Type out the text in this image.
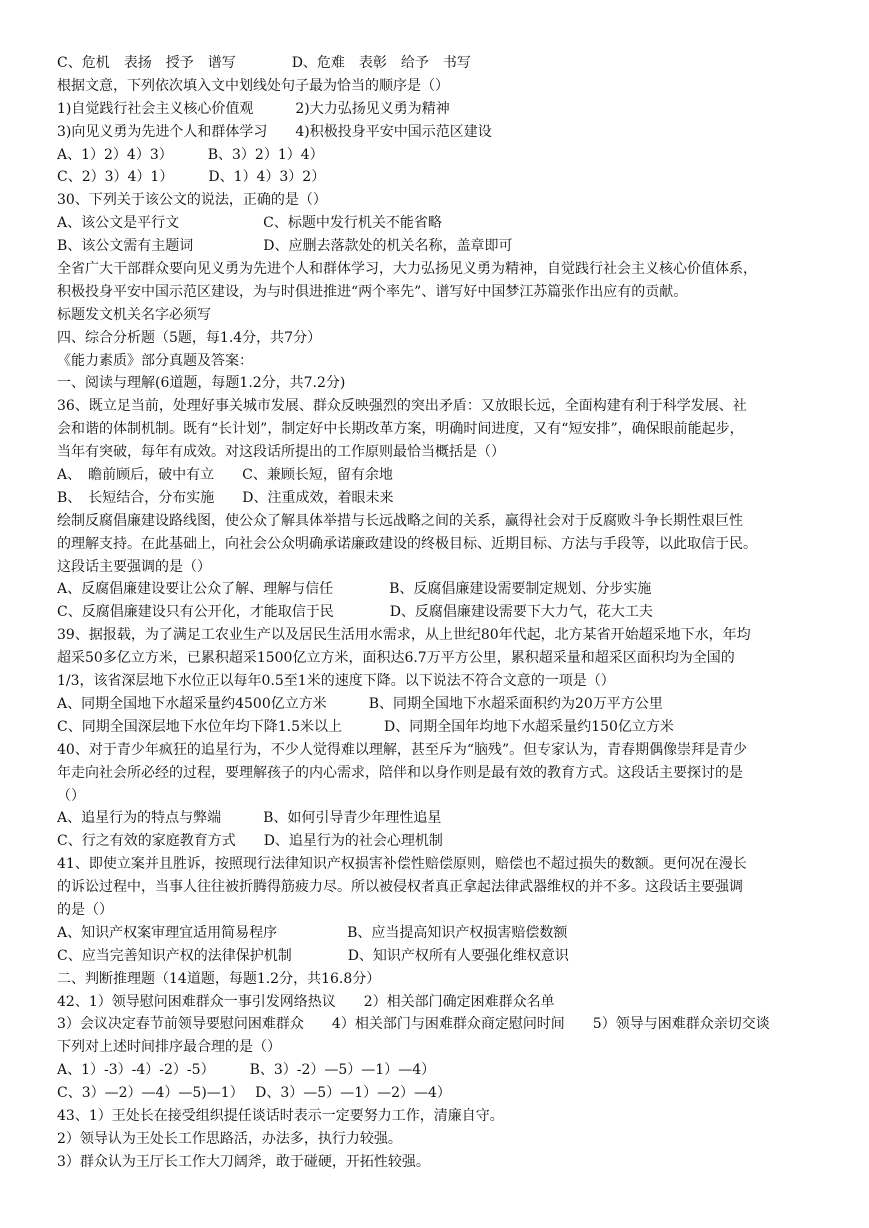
C、危机　表扬　授予　谱写　　　　D、危难　表彰　给予　书写
根据文意，下列依次填入文中划线处句子最为恰当的顺序是（）
1)自觉践行社会主义核心价值观　　　2)大力弘扬见义勇为精神
3)向见义勇为先进个人和群体学习　　4)积极投身平安中国示范区建设
A、1）2）4）3）　　　B、3）2）1）4）
C、2）3）4）1）　　　D、1）4）3）2）
30、下列关于该公文的说法，正确的是（）
A、该公文是平行文　　　　　　C、标题中发行机关不能省略
B、该公文需有主题词　　　　　D、应删去落款处的机关名称，盖章即可
全省广大干部群众要向见义勇为先进个人和群体学习，大力弘扬见义勇为精神，自觉践行社会主义核心价值体系，
积极投身平安中国示范区建设，为与时俱进推进“两个率先”、谱写好中国梦江苏篇张作出应有的贡献。
标题发文机关名字必须写
四、综合分析题（5题，每1.4分，共7分）
《能力素质》部分真题及答案：
一、阅读与理解(6道题，每题1.2分，共7.2分)
36、既立足当前，处理好事关城市发展、群众反映强烈的突出矛盾：又放眼长远，全面构建有利于科学发展、社
会和谐的体制机制。既有“长计划”，制定好中长期改革方案，明确时间进度，又有“短安排”，确保眼前能起步，
当年有突破，每年有成效。对这段话所提出的工作原则最恰当概括是（）
A、　瞻前顾后，破中有立　　C、兼顾长短，留有余地
B、　长短结合，分布实施　　D、注重成效，着眼未来
绘制反腐倡廉建设路线图，使公众了解具体举措与长远战略之间的关系，赢得社会对于反腐败斗争长期性艰巨性
的理解支持。在此基础上，向社会公众明确承诺廉政建设的终极目标、近期目标、方法与手段等，以此取信于民。
这段话主要强调的是（）
A、反腐倡廉建设要让公众了解、理解与信任　　　　B、反腐倡廉建设需要制定规划、分步实施
C、反腐倡廉建设只有公开化，才能取信于民　　　　D、反腐倡廉建设需要下大力气，花大工夫
39、据报载，为了满足工农业生产以及居民生活用水需求，从上世纪80年代起，北方某省开始超采地下水，年均
超采50多亿立方米，已累积超采1500亿立方米，面积达6.7万平方公里，累积超采量和超采区面积均为全国的
1/3，该省深层地下水位正以每年0.5至1米的速度下降。以下说法不符合文意的一项是（）
A、同期全国地下水超采量约4500亿立方米　　　B、同期全国地下水超采面积约为20万平方公里
C、同期全国深层地下水位年均下降1.5米以上　　　D、同期全国年均地下水超采量约150亿立方米
40、对于青少年疯狂的追星行为，不少人觉得难以理解，甚至斥为“脑残”。但专家认为，青春期偶像崇拜是青少
年走向社会所必经的过程，要理解孩子的内心需求，陪伴和以身作则是最有效的教育方式。这段话主要探讨的是
（）
A、追星行为的特点与弊端　　　B、如何引导青少年理性追星
C、行之有效的家庭教育方式　　D、追星行为的社会心理机制
41、即使立案并且胜诉，按照现行法律知识产权损害补偿性赔偿原则，赔偿也不超过损失的数额。更何况在漫长
的诉讼过程中，当事人往往被折腾得筋疲力尽。所以被侵权者真正拿起法律武器维权的并不多。这段话主要强调
的是（）
A、知识产权案审理宜适用简易程序　　　　　B、应当提高知识产权损害赔偿数额
C、应当完善知识产权的法律保护机制　　　　D、知识产权所有人要强化维权意识
二、判断推理题（14道题，每题1.2分，共16.8分）
42、1）领导慰问困难群众一事引发网络热议　　2）相关部门确定困难群众名单
3）会议决定春节前领导要慰问困难群众　　4）相关部门与困难群众商定慰问时间　　5）领导与困难群众亲切交谈
下列对上述时间排序最合理的是（）
A、1）-3）-4）-2）-5）　　　B、3）-2）—5）—1）—4）
C、3）—2）—4）—5)—1）　 D、3）—5）—1）—2）—4）
43、1）王处长在接受组织提任谈话时表示一定要努力工作，清廉自守。
2）领导认为王处长工作思路活，办法多，执行力较强。
3）群众认为王厅长工作大刀阔斧，敢于碰硬，开拓性较强。
